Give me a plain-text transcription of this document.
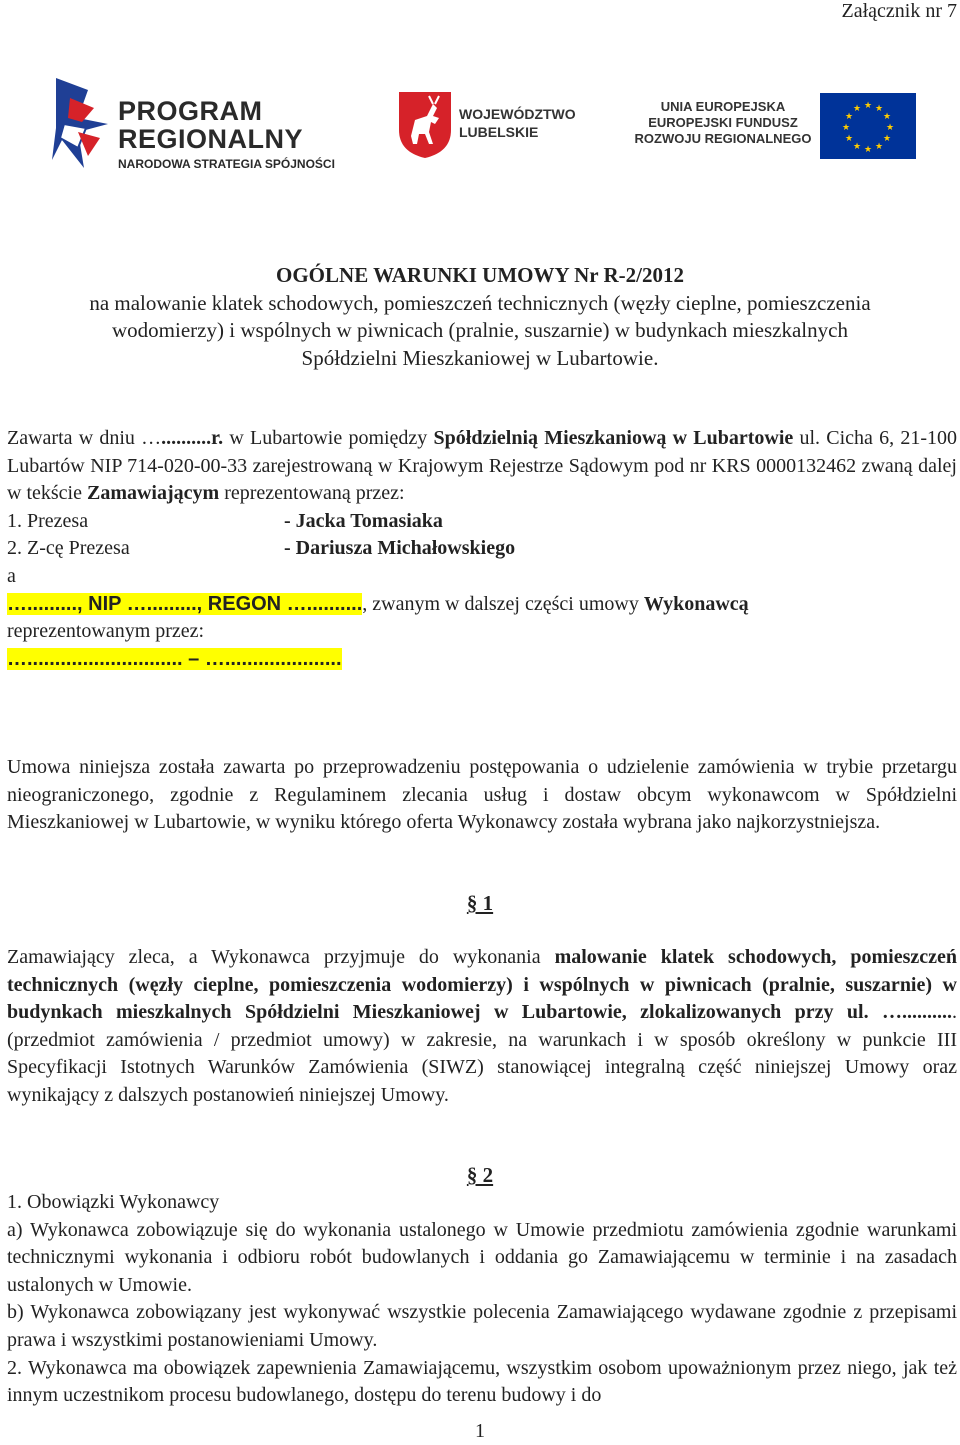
Załącznik nr 7
PROGRAM
REGIONALNY
NARODOWA STRATEGIA SPÓJNOŚCI
WOJEWÓDZTWO
LUBELSKIE
UNIA EUROPEJSKA
EUROPEJSKI FUNDUSZ
ROZWOJU REGIONALNEGO
★ ★
★
★
★
★
★
★
★
★
★
★
OGÓLNE WARUNKI UMOWY Nr R-2/2012
na malowanie klatek schodowych, pomieszczeń technicznych (węzły cieplne, pomieszczenia
wodomierzy) i wspólnych w piwnicach (pralnie, suszarnie) w budynkach mieszkalnych
Spółdzielni Mieszkaniowej w Lubartowie.
Zawarta w dniu …..........r. w Lubartowie pomiędzy Spółdzielnią Mieszkaniową w Lubartowie ul. Cicha 6, 21-100 Lubartów NIP 714-020-00-33 zarejestrowaną w Krajowym Rejestrze Sądowym pod nr KRS 0000132462 zwaną dalej w tekście Zamawiającym reprezentowaną przez:
1. Prezesa	- Jacka Tomasiaka
2. Z-cę Prezesa	- Dariusza Michałowskiego
a
…........., NIP …........., REGON ….........., zwanym w dalszej części umowy Wykonawcą
reprezentowanym przez:
…............................ – ….....................
Umowa niniejsza została zawarta po przeprowadzeniu postępowania o udzielenie zamówienia w trybie przetargu nieograniczonego, zgodnie z Regulaminem zlecania usług i dostaw obcym wykonawcom w Spółdzielni Mieszkaniowej w Lubartowie, w wyniku którego oferta Wykonawcy została wybrana jako najkorzystniejsza.
§ 1
Zamawiający zleca, a Wykonawca przyjmuje do wykonania malowanie klatek schodowych, pomieszczeń technicznych (węzły cieplne, pomieszczenia wodomierzy) i wspólnych w piwnicach (pralnie, suszarnie) w budynkach mieszkalnych Spółdzielni Mieszkaniowej w Lubartowie, zlokalizowanych przy ul. …........... (przedmiot zamówienia / przedmiot umowy) w zakresie, na warunkach i w sposób określony w punkcie III Specyfikacji Istotnych Warunków Zamówienia (SIWZ) stanowiącej integralną część niniejszej Umowy oraz wynikający z dalszych postanowień niniejszej Umowy.
§ 2
1. Obowiązki Wykonawcy
a) Wykonawca zobowiązuje się do wykonania ustalonego w Umowie przedmiotu zamówienia zgodnie warunkami technicznymi wykonania i odbioru robót budowlanych i oddania go Zamawiającemu w terminie i na zasadach ustalonych w Umowie.
b) Wykonawca zobowiązany jest wykonywać wszystkie polecenia Zamawiającego wydawane zgodnie z przepisami prawa i wszystkimi postanowieniami Umowy.
2. Wykonawca ma obowiązek zapewnienia Zamawiającemu, wszystkim osobom upoważnionym przez niego, jak też innym uczestnikom procesu budowlanego, dostępu do terenu budowy i do
1
